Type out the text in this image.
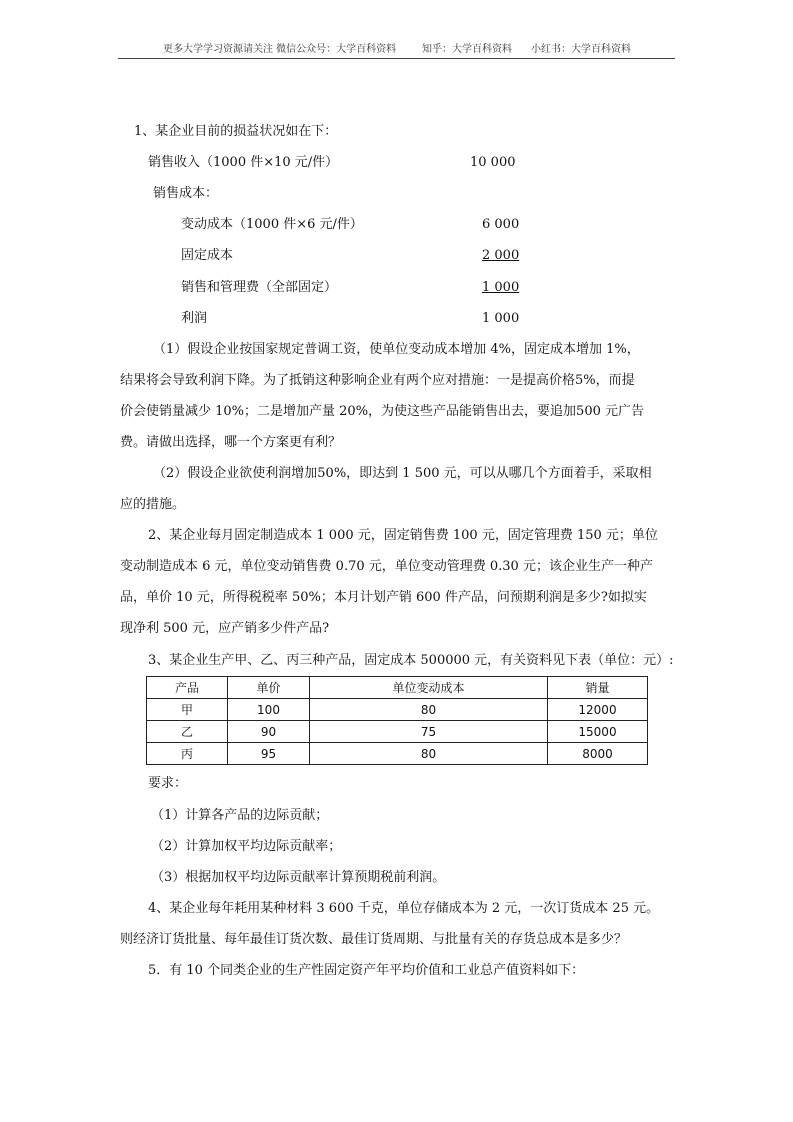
更多大学学习资源请关注 微信公众号：大学百科资料	知乎：大学百科资料 小红书：大学百科资料
1、某企业目前的损益状况如在下：
销售收入（1000 件×10 元/件）	10 000
销售成本：
变动成本（1000 件×6 元/件）	6 000
固定成本	2 000
销售和管理费（全部固定）	1 000
利润	1 000
（1）假设企业按国家规定普调工资，使单位变动成本增加 4%，固定成本增加 1%，
结果将会导致利润下降。为了抵销这种影响企业有两个应对措施：一是提高价格5%，而提
价会使销量减少 10%；二是增加产量 20%，为使这些产品能销售出去，要追加500 元广告
费。请做出选择，哪一个方案更有利？
（2）假设企业欲使利润增加50%，即达到 1 500 元，可以从哪几个方面着手，采取相
应的措施。
2、某企业每月固定制造成本 1 000 元，固定销售费 100 元，固定管理费 150 元；单位
变动制造成本 6 元，单位变动销售费 0.70 元，单位变动管理费 0.30 元；该企业生产一种产
品，单价 10 元，所得税税率 50%；本月计划产销 600 件产品，问预期利润是多少?如拟实
现净利 500 元，应产销多少件产品?
3、某企业生产甲、乙、丙三种产品，固定成本 500000 元，有关资料见下表（单位：元）:
产品	单价	单位变动成本	销量
甲	100	80	12000
乙	90	75	15000
丙	95	80	8000
要求：
（1）计算各产品的边际贡献；
（2）计算加权平均边际贡献率；
（3）根据加权平均边际贡献率计算预期税前利润。
4、某企业每年耗用某种材料 3 600 千克，单位存储成本为 2 元，一次订货成本 25 元。
则经济订货批量、每年最佳订货次数、最佳订货周期、与批量有关的存货总成本是多少？
5．有 10 个同类企业的生产性固定资产年平均价值和工业总产值资料如下：
